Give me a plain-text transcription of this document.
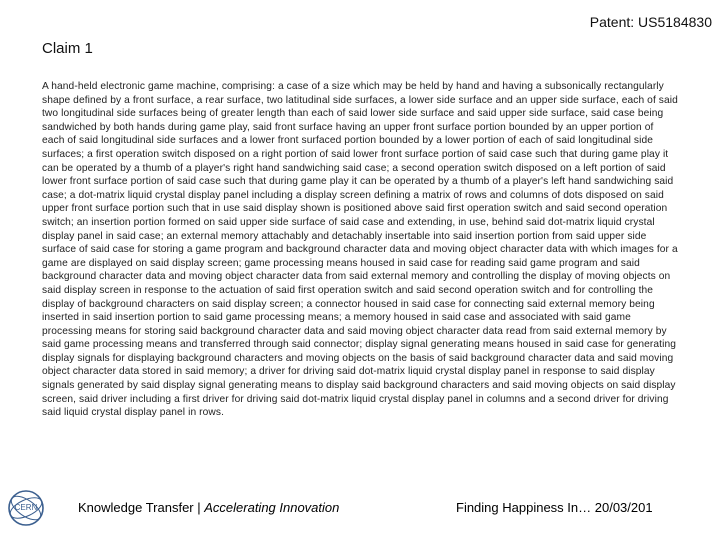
Patent: US5184830
Claim 1

A hand-held electronic game machine, comprising: a case of a size which may be held by hand and having a subsonically rectangularly shape defined by a front surface, a rear surface, two latitudinal side surfaces, a lower side surface and an upper side surface, each of said two longitudinal side surfaces being of greater length than each of said lower side surface and said upper side surface, said case being sandwiched by both hands during game play, said front surface having an upper front surface portion bounded by an upper portion of each of said longitudinal side surfaces and a lower front surfaced portion bounded by a lower portion of each of said longitudinal side surfaces; a first operation switch disposed on a right portion of said lower front surface portion of said case such that during game play it can be operated by a thumb of a player's right hand sandwiching said case; a second operation switch disposed on a left portion of said lower front surface portion of said case such that during game play it can be operated by a thumb of a player's left hand sandwiching said case; a dot-matrix liquid crystal display panel including a display screen defining a matrix of rows and columns of dots disposed on said upper front surface portion such that in use said display shown is positioned above said first operation switch and said second operation switch; an insertion portion formed on said upper side surface of said case and extending, in use, behind said dot-matrix liquid crystal display panel in said case; an external memory attachably and detachably insertable into said insertion portion from said upper side surface of said case for storing a game program and background character data and moving object character data with which images for a game are displayed on said display screen; game processing means housed in said case for reading said game program and said background character data and moving object character data from said external memory and controlling the display of moving objects on said display screen in response to the actuation of said first operation switch and said second operation switch and for controlling the display of background characters on said display screen; a connector housed in said case for connecting said external memory being inserted in said insertion portion to said game processing means; a memory housed in said case and associated with said game processing means for storing said background character data and said moving object character data read from said external memory by said game processing means and transferred through said connector; display signal generating means housed in said case for generating display signals for displaying background characters and moving objects on the basis of said background character data and said moving object character data stored in said memory; a driver for driving said dot-matrix liquid crystal display panel in response to said display signals generated by said display signal generating means to display said background characters and said moving objects on said display screen, said driver including a first driver for driving said dot-matrix liquid crystal display panel in columns and a second driver for driving said liquid crystal display panel in rows.

CERN	Knowledge Transfer | Accelerating Innovation	Finding Happiness In… 20/03/201
